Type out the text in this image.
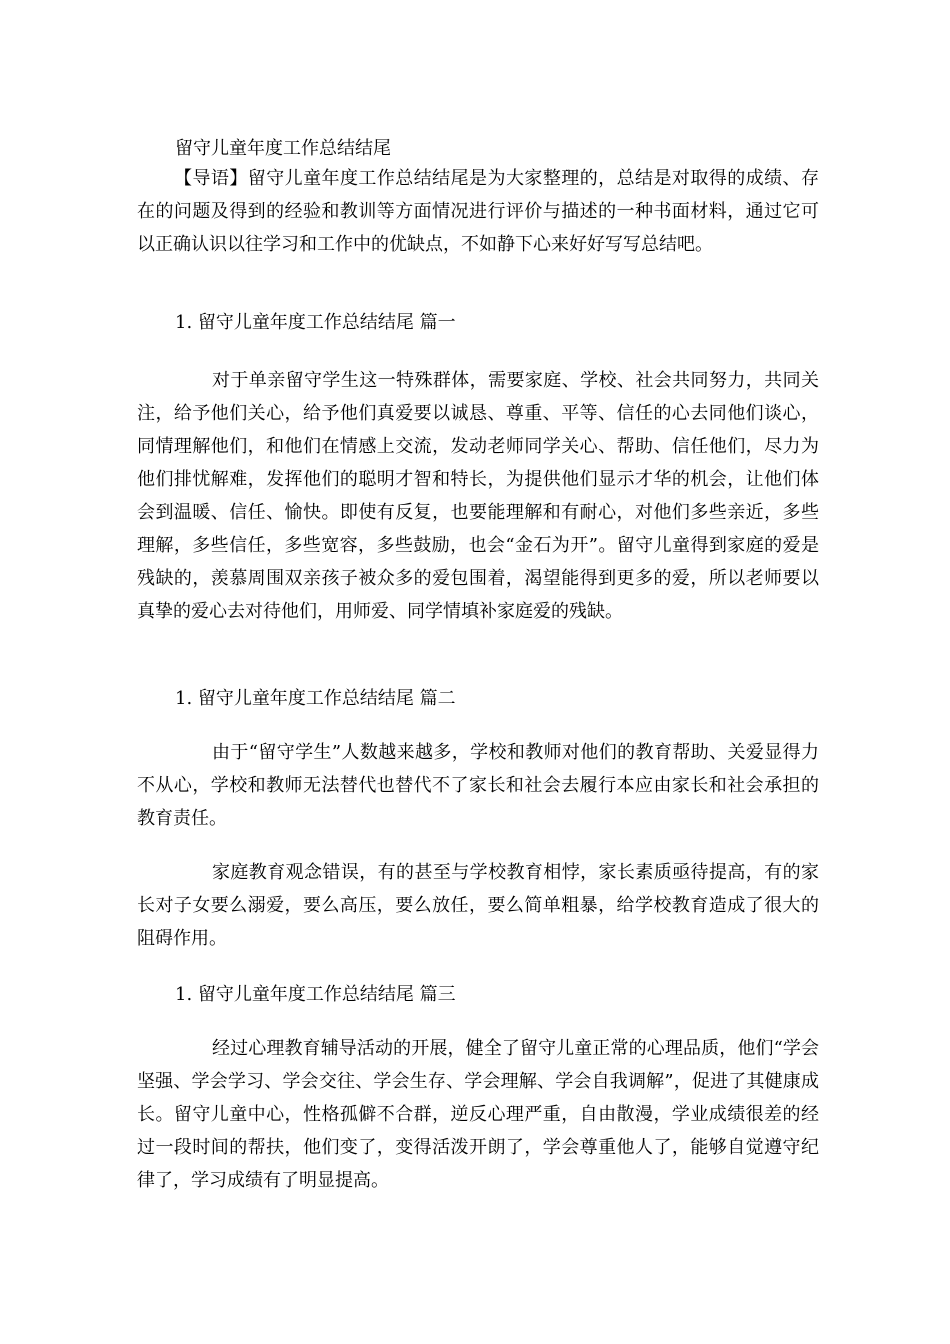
留守儿童年度工作总结结尾

【导语】留守儿童年度工作总结结尾是为大家整理的，总结是对取得的成绩、存在的问题及得到的经验和教训等方面情况进行评价与描述的一种书面材料，通过它可以正确认识以往学习和工作中的优缺点，不如静下心来好好写写总结吧。

1. 留守儿童年度工作总结结尾 篇一

对于单亲留守学生这一特殊群体，需要家庭、学校、社会共同努力，共同关注，给予他们关心，给予他们真爱要以诚恳、尊重、平等、信任的心去同他们谈心，同情理解他们，和他们在情感上交流，发动老师同学关心、帮助、信任他们，尽力为他们排忧解难，发挥他们的聪明才智和特长，为提供他们显示才华的机会，让他们体会到温暖、信任、愉快。即使有反复，也要能理解和有耐心，对他们多些亲近，多些理解，多些信任，多些宽容，多些鼓励，也会“金石为开”。留守儿童得到家庭的爱是残缺的，羡慕周围双亲孩子被众多的爱包围着，渴望能得到更多的爱，所以老师要以真挚的爱心去对待他们，用师爱、同学情填补家庭爱的残缺。

1. 留守儿童年度工作总结结尾 篇二

由于“留守学生”人数越来越多，学校和教师对他们的教育帮助、关爱显得力不从心，学校和教师无法替代也替代不了家长和社会去履行本应由家长和社会承担的教育责任。

家庭教育观念错误，有的甚至与学校教育相悖，家长素质亟待提高，有的家长对子女要么溺爱，要么高压，要么放任，要么简单粗暴，给学校教育造成了很大的阻碍作用。

1. 留守儿童年度工作总结结尾 篇三

经过心理教育辅导活动的开展，健全了留守儿童正常的心理品质，他们“学会坚强、学会学习、学会交往、学会生存、学会理解、学会自我调解”，促进了其健康成长。留守儿童中心，性格孤僻不合群，逆反心理严重，自由散漫，学业成绩很差的经过一段时间的帮扶，他们变了，变得活泼开朗了，学会尊重他人了，能够自觉遵守纪律了，学习成绩有了明显提高。
